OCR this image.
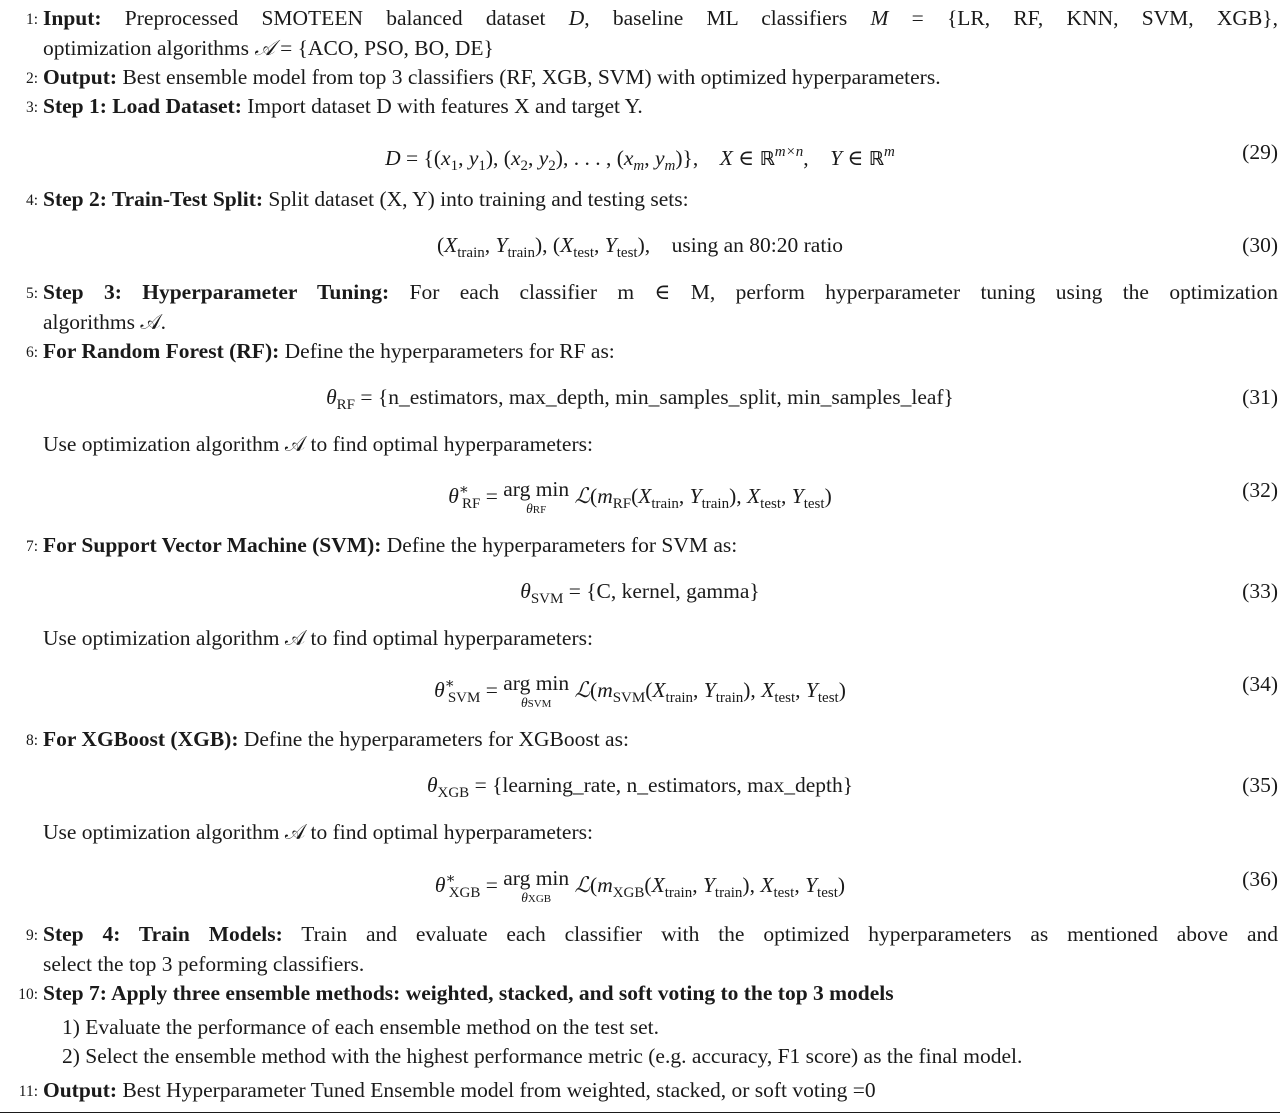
1: Input: Preprocessed SMOTEEN balanced dataset D, baseline ML classifiers M = {LR, RF, KNN, SVM, XGB},
optimization algorithms 𝒜 = {ACO, PSO, BO, DE}
2: Output: Best ensemble model from top 3 classifiers (RF, XGB, SVM) with optimized hyperparameters.
3: Step 1: Load Dataset: Import dataset D with features X and target Y.
$D = \{(x_1$, $y_1$), ($x_2$, $y_2$), . . . , ($x_m$, $y_m$)},    X ∈ ℝ$^{m\times n}$,    Y ∈ ℝ$^m$	(29)
4: Step 2: Train-Test Split: Split dataset (X, Y) into training and testing sets:
($X_{train}$, $Y_{train}$), ($X_{test}$, $Y_{test}$),    using an 80:20 ratio	(30)
5: Step 3: Hyperparameter Tuning: For each classifier m ∈ M, perform hyperparameter tuning using the optimization
algorithms 𝒜.
6: For Random Forest (RF): Define the hyperparameters for RF as:
$\theta_{RF}$ = {n_estimators, max_depth, min_samples_split, min_samples_leaf}	(31)
Use optimization algorithm 𝒜 to find optimal hyperparameters:
$\theta^∗_{RF}$ = arg min
θRF
$ℒ(m_{RF}(X_{train}$, $Y_{train}$), $X_{test}$, $Y_{test}$)	(32)
7: For Support Vector Machine (SVM): Define the hyperparameters for SVM as:
$\theta_{SVM} = \{C$, kernel, gamma}	(33)
Use optimization algorithm 𝒜 to find optimal hyperparameters:
$\theta^∗_{SVM}$ = arg min
θSVM
$ℒ(m_{SVM}(X_{train}$, $Y_{train}$), $X_{test}$, $Y_{test}$)	(34)
8: For XGBoost (XGB): Define the hyperparameters for XGBoost as:
$\theta_{XGB}$ = {learning_rate, n_estimators, max_depth}	(35)
Use optimization algorithm 𝒜 to find optimal hyperparameters:
$\theta^∗_{XGB}$ = arg min
θXGB
$ℒ(m_{XGB}(X_{train}$, $Y_{train}$), $X_{test}$, $Y_{test}$)	(36)
9: Step 4: Train Models: Train and evaluate each classifier with the optimized hyperparameters as mentioned above and
select the top 3 peforming classifiers.
10: Step 7: Apply three ensemble methods: weighted, stacked, and soft voting to the top 3 models
1) Evaluate the performance of each ensemble method on the test set.
2) Select the ensemble method with the highest performance metric (e.g. accuracy, F1 score) as the final model.
11: Output: Best Hyperparameter Tuned Ensemble model from weighted, stacked, or soft voting =0
